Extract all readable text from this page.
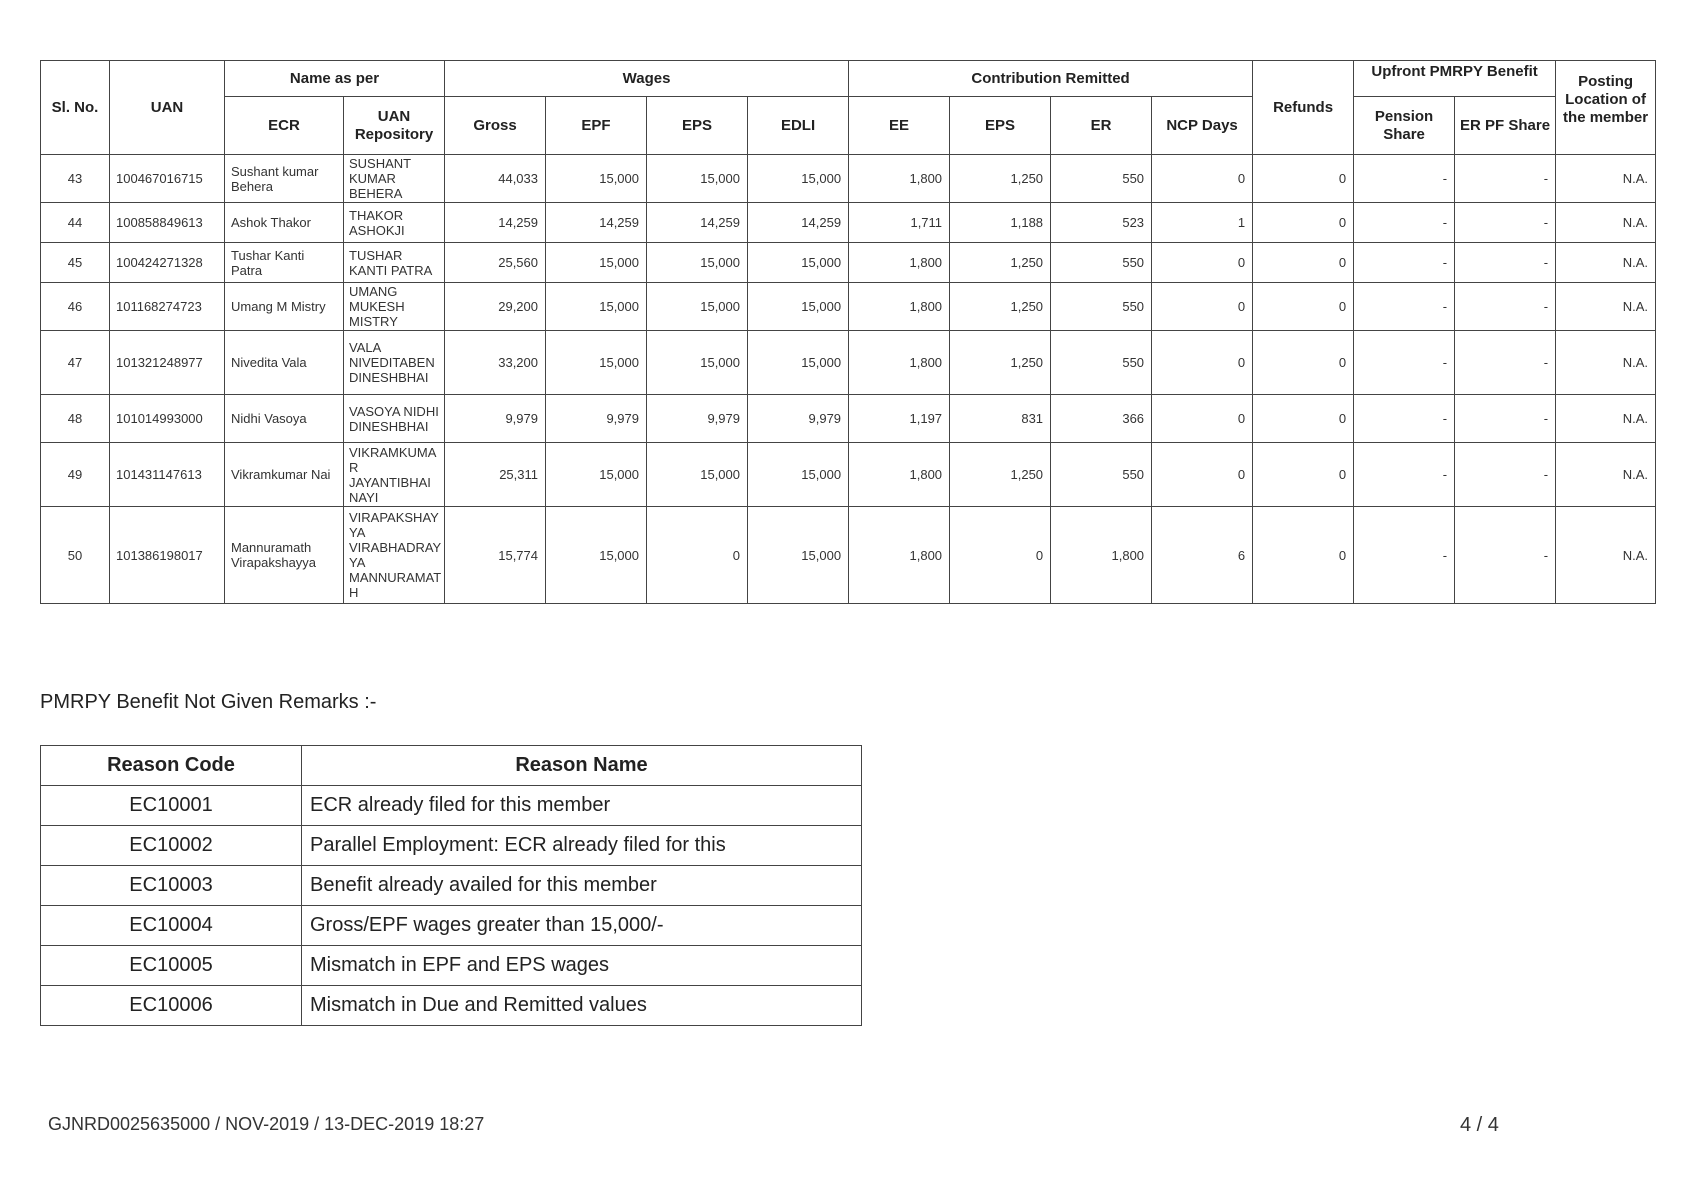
Sl. No.	UAN	Name as per		Wages				Contribution Remitted				Refunds	Upfront PMRPY Benefit		Posting Location of the member
		ECR	UAN Repository	Gross	EPF	EPS	EDLI	EE	EPS	ER	NCP Days		Pension Share	ER PF Share	
43	100467016715	Sushant kumar Behera	SUSHANT KUMAR BEHERA	44,033	15,000	15,000	15,000	1,800	1,250	550	0	0	-	-	N.A.
44	100858849613	Ashok Thakor	THAKOR ASHOKJI	14,259	14,259	14,259	14,259	1,711	1,188	523	1	0	-	-	N.A.
45	100424271328	Tushar Kanti Patra	TUSHAR KANTI PATRA	25,560	15,000	15,000	15,000	1,800	1,250	550	0	0	-	-	N.A.
46	101168274723	Umang M Mistry	UMANG MUKESH MISTRY	29,200	15,000	15,000	15,000	1,800	1,250	550	0	0	-	-	N.A.
47	101321248977	Nivedita Vala	VALA NIVEDITABEN DINESHBHAI	33,200	15,000	15,000	15,000	1,800	1,250	550	0	0	-	-	N.A.
48	101014993000	Nidhi Vasoya	VASOYA NIDHI DINESHBHAI	9,979	9,979	9,979	9,979	1,197	831	366	0	0	-	-	N.A.
49	101431147613	Vikramkumar Nai	VIKRAMKUMAR JAYANTIBHAI NAYI	25,311	15,000	15,000	15,000	1,800	1,250	550	0	0	-	-	N.A.
50	101386198017	Mannuramath Virapakshayya	VIRAPAKSHAYYA VIRABHADRAYYA MANNURAMATH	15,774	15,000	0	15,000	1,800	0	1,800	6	0	-	-	N.A.
PMRPY Benefit Not Given Remarks :-
Reason Code	Reason Name
EC10001	ECR already filed for this member
EC10002	Parallel Employment: ECR already filed for this
EC10003	Benefit already availed for this member
EC10004	Gross/EPF wages greater than 15,000/-
EC10005	Mismatch in EPF and EPS wages
EC10006	Mismatch in Due and Remitted values
GJNRD0025635000 / NOV-2019 / 13-DEC-2019 18:27	4 / 4
